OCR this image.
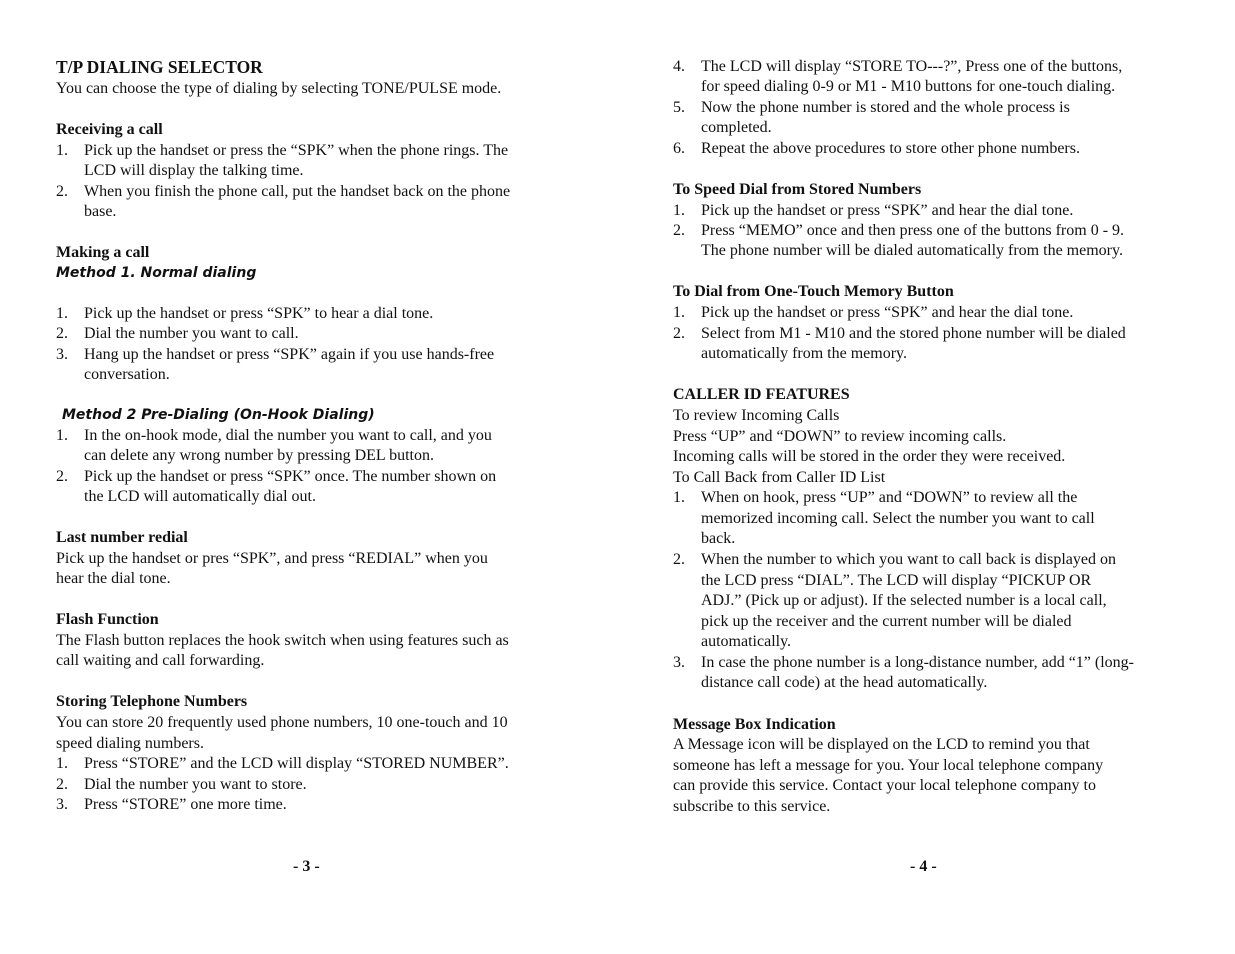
T/P DIALING SELECTOR
You can choose the type of dialing by selecting TONE/PULSE mode.
Receiving a call
1. Pick up the handset or press the “SPK” when the phone rings. The
LCD will display the talking time.
2. When you finish the phone call, put the handset back on the phone
base.
Making a call
Method 1. Normal dialing
1. Pick up the handset or press “SPK” to hear a dial tone.
2. Dial the number you want to call.
3. Hang up the handset or press “SPK” again if you use hands-free
conversation.
Method 2 Pre-Dialing (On-Hook Dialing)
1. In the on-hook mode, dial the number you want to call, and you
can delete any wrong number by pressing DEL button.
2. Pick up the handset or press “SPK” once. The number shown on
the LCD will automatically dial out.
Last number redial
Pick up the handset or pres “SPK”, and press “REDIAL” when you
hear the dial tone.
Flash Function
The Flash button replaces the hook switch when using features such as
call waiting and call forwarding.
Storing Telephone Numbers
You can store 20 frequently used phone numbers, 10 one-touch and 10
speed dialing numbers.
1. Press “STORE” and the LCD will display “STORED NUMBER”.
2. Dial the number you want to store.
3. Press “STORE” one more time.
- 3 -
4. The LCD will display “STORE TO---?”, Press one of the buttons,
for speed dialing 0-9 or M1 - M10 buttons for one-touch dialing.
5. Now the phone number is stored and the whole process is
completed.
6. Repeat the above procedures to store other phone numbers.
To Speed Dial from Stored Numbers
1. Pick up the handset or press “SPK” and hear the dial tone.
2. Press “MEMO” once and then press one of the buttons from 0 - 9.
The phone number will be dialed automatically from the memory.
To Dial from One-Touch Memory Button
1. Pick up the handset or press “SPK” and hear the dial tone.
2. Select from M1 - M10 and the stored phone number will be dialed
automatically from the memory.
CALLER ID FEATURES
To review Incoming Calls
Press “UP” and “DOWN” to review incoming calls.
Incoming calls will be stored in the order they were received.
To Call Back from Caller ID List
1. When on hook, press “UP” and “DOWN” to review all the
memorized incoming call. Select the number you want to call
back.
2. When the number to which you want to call back is displayed on
the LCD press “DIAL”. The LCD will display “PICKUP OR
ADJ.” (Pick up or adjust). If the selected number is a local call,
pick up the receiver and the current number will be dialed
automatically.
3. In case the phone number is a long-distance number, add “1” (long-
distance call code) at the head automatically.
Message Box Indication
A Message icon will be displayed on the LCD to remind you that
someone has left a message for you. Your local telephone company
can provide this service. Contact your local telephone company to
subscribe to this service.
- 4 -
